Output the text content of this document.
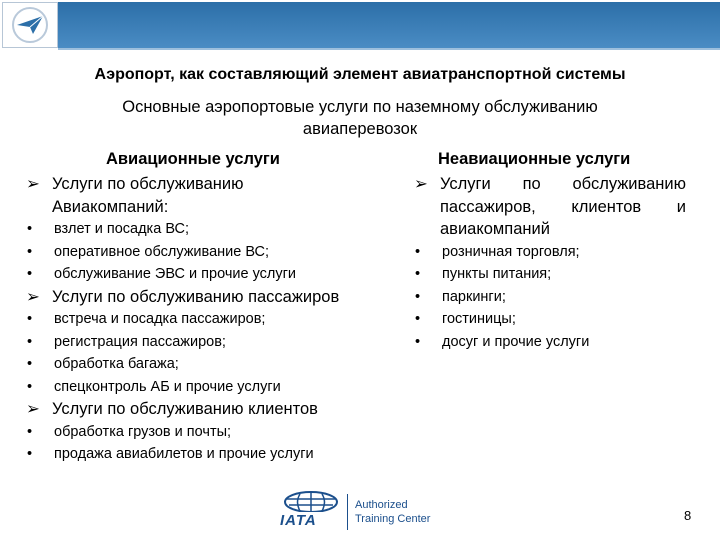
Аэропорт, как составляющий элемент авиатранспортной системы
Основные аэропортовые услуги по наземному обслуживанию
авиаперевозок
Авиационные услуги
➢ Услуги по обслуживанию
Авиакомпаний:
• взлет и посадка ВС;
• оперативное обслуживание ВС;
• обслуживание ЭВС и прочие услуги
➢ Услуги по обслуживанию пассажиров
• встреча и посадка пассажиров;
• регистрация пассажиров;
• обработка багажа;
• спецконтроль АБ и прочие услуги
➢ Услуги по обслуживанию клиентов
• обработка грузов и почты;
• продажа авиабилетов и прочие услуги
Неавиационные услуги
➢ Услуги по обслуживанию
пассажиров, клиентов и
авиакомпаний
• розничная торговля;
• пункты питания;
• паркинги;
• гостиницы;
• досуг и прочие услуги
IATA
Authorized
Training Center	8
